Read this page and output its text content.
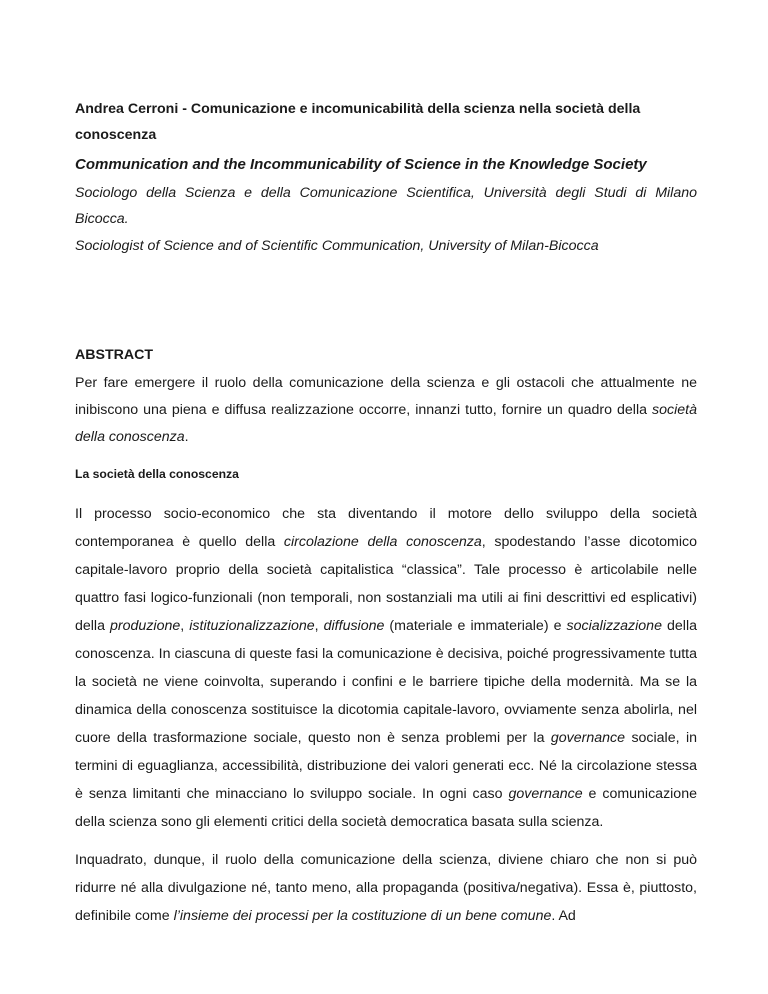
Andrea Cerroni - Comunicazione e incomunicabilità della scienza nella società della conoscenza

Communication and the Incommunicability of Science in the Knowledge Society

Sociologo della Scienza e della Comunicazione Scientifica, Università degli Studi di Milano Bicocca.

Sociologist of Science and of Scientific Communication, University of Milan-Bicocca

ABSTRACT

Per fare emergere il ruolo della comunicazione della scienza e gli ostacoli che attualmente ne inibiscono una piena e diffusa realizzazione occorre, innanzi tutto, fornire un quadro della società della conoscenza.

La società della conoscenza

Il processo socio-economico che sta diventando il motore dello sviluppo della società contemporanea è quello della circolazione della conoscenza, spodestando l’asse dicotomico capitale-lavoro proprio della società capitalistica “classica”. Tale processo è articolabile nelle quattro fasi logico-funzionali (non temporali, non sostanziali ma utili ai fini descrittivi ed esplicativi) della produzione, istituzionalizzazione, diffusione (materiale e immateriale) e socializzazione della conoscenza. In ciascuna di queste fasi la comunicazione è decisiva, poiché progressivamente tutta la società ne viene coinvolta, superando i confini e le barriere tipiche della modernità. Ma se la dinamica della conoscenza sostituisce la dicotomia capitale-lavoro, ovviamente senza abolirla, nel cuore della trasformazione sociale, questo non è senza problemi per la governance sociale, in termini di eguaglianza, accessibilità, distribuzione dei valori generati ecc. Né la circolazione stessa è senza limitanti che minacciano lo sviluppo sociale. In ogni caso governance e comunicazione della scienza sono gli elementi critici della società democratica basata sulla scienza.

Inquadrato, dunque, il ruolo della comunicazione della scienza, diviene chiaro che non si può ridurre né alla divulgazione né, tanto meno, alla propaganda (positiva/negativa). Essa è, piuttosto, definibile come l’insieme dei processi per la costituzione di un bene comune. Ad
